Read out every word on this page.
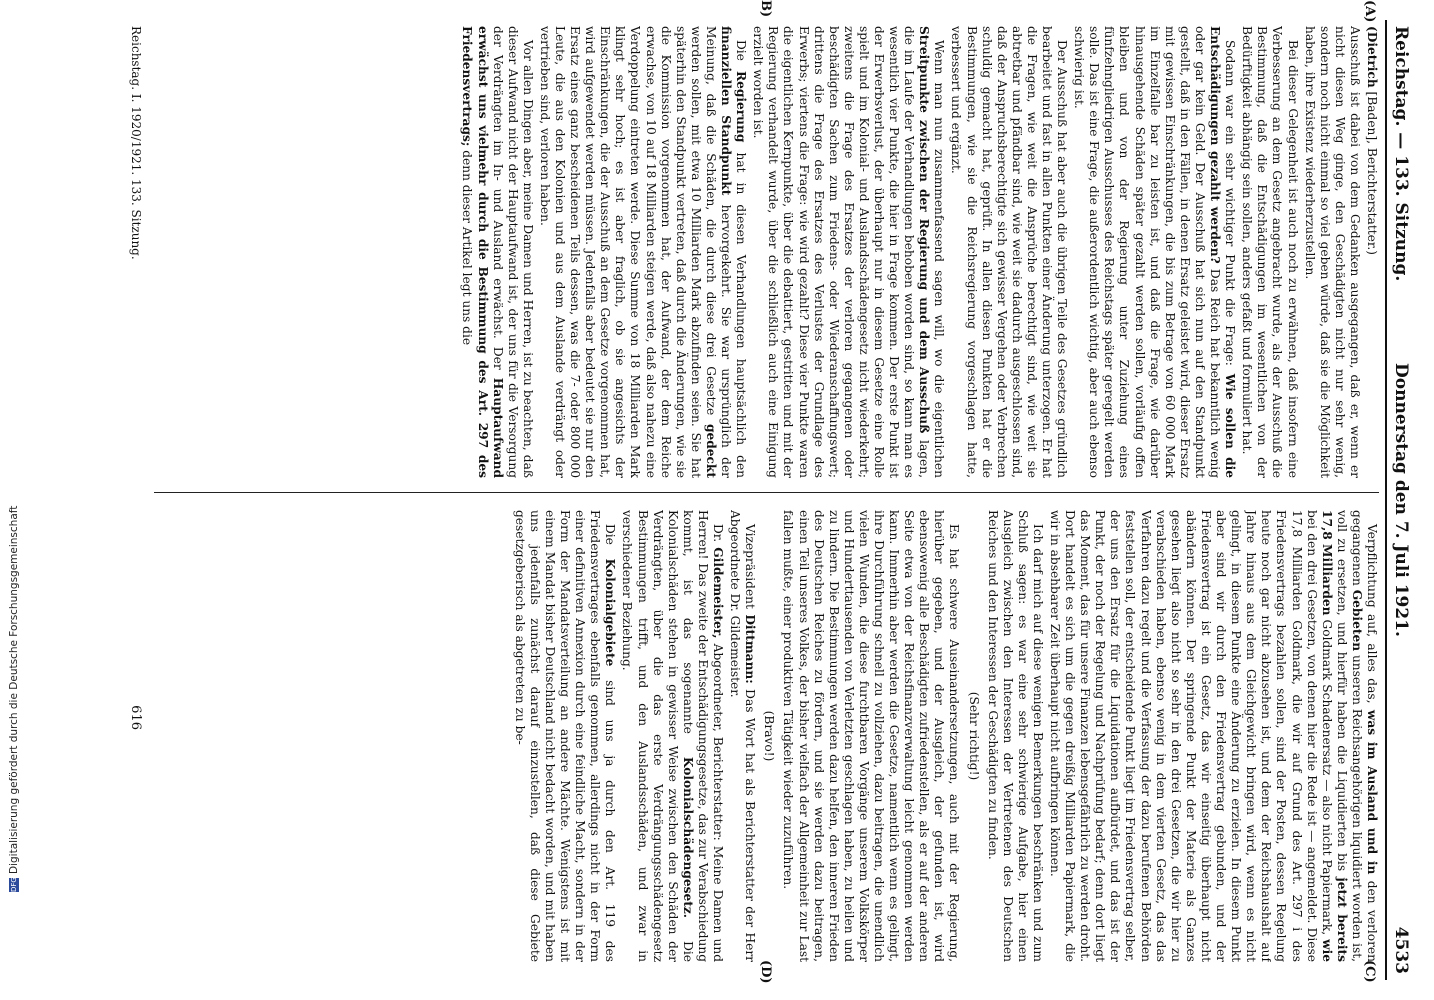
DFGDigitalisierung gefördert durch die Deutsche Forschungsgemeinschaft
Reichstag. — 133. Sitzung.
Donnerstag den 7. Juli 1921.
4533
(A)
B)
(C)
(D)

(Dietrich [Baden], Berichterstatter.)

Ausschuß ist dabei von dem Gedanken ausgegangen, daß er, wenn er nicht diesen Weg ginge, den Geschädigten nicht nur sehr wenig, sondern noch nicht einmal so viel geben würde, daß sie die Möglichkeit haben, ihre Existenz wiederherzustellen.

Bei dieser Gelegenheit ist auch noch zu erwähnen, daß insofern eine Verbesserung an dem Gesetz angebracht wurde, als der Ausschuß die Bestimmung, daß die Entschädigungen im wesentlichen von der Bedürftigkeit abhängig sein sollen, anders gefaßt und formuliert hat.

Sodann war ein sehr wichtiger Punkt die Frage: Wie sollen die Entschädigungen gezahlt werden? Das Reich hat bekanntlich wenig oder gar kein Geld. Der Ausschuß hat sich nun auf den Standpunkt gestellt, daß in den Fällen, in denen Ersatz geleistet wird, dieser Ersatz mit gewissen Einschränkungen, die bis zum Betrage von 60 000 Mark im Einzelfalle bar zu leisten ist, und daß die Frage, wie darüber hinausgehende Schäden später gezahlt werden sollen, vorläufig offen bleiben und von der Regierung unter Zuziehung eines fünfzehngliedrigen Ausschusses des Reichstags später geregelt werden solle. Das ist eine Frage, die außerordentlich wichtig, aber auch ebenso schwierig ist.

Der Ausschuß hat aber auch die übrigen Teile des Gesetzes gründlich bearbeitet und fast in allen Punkten einer Änderung unterzogen. Er hat die Fragen, wie weit die Ansprüche berechtigt sind, wie weit sie abtretbar und pfändbar sind, wie weit sie dadurch ausgeschlossen sind, daß der Anspruchsberechtigte sich gewisser Vergehen oder Verbrechen schuldig gemacht hat, geprüft. In allen diesen Punkten hat er die Bestimmungen, wie sie die Reichsregierung vorgeschlagen hatte, verbessert und ergänzt.

Wenn man nun zusammenfassend sagen will, wo die eigentlichen Streitpunkte zwischen der Regierung und dem Ausschuß lagen, die im Laufe der Verhandlungen behoben worden sind, so kann man es wesentlich vier Punkte, die hier in Frage kommen. Der erste Punkt ist der Erwerbsverlust, der überhaupt nur in diesem Gesetze eine Rolle spielt und im Kolonial- und Auslandsschädengesetz nicht wiederkehrt; zweitens die Frage des Ersatzes der verloren gegangenen oder beschädigten Sachen zum Friedens- oder Wiederanschaffungswert; drittens die Frage des Ersatzes des Verlustes der Grundlage des Erwerbs; viertens die Frage: wie wird gezahlt? Diese vier Punkte waren die eigentlichen Kernpunkte, über die debattiert, gestritten und mit der Regierung verhandelt wurde, über die schließlich auch eine Einigung erzielt worden ist.

Die Regierung hat in diesen Verhandlungen hauptsächlich den finanziellen Standpunkt hervorgekehrt. Sie war ursprünglich der Meinung, daß die Schäden, die durch diese drei Gesetze gedeckt werden sollen, mit etwa 10 Milliarden Mark abzufinden seien. Sie hat späterhin den Standpunkt vertreten, daß durch die Änderungen, wie sie die Kommission vorgenommen hat, der Aufwand, der dem Reiche erwachse, von 10 auf 18 Milliarden steigen werde, daß also nahezu eine Verdoppelung eintreten werde. Diese Summe von 18 Milliarden Mark klingt sehr hoch; es ist aber fraglich, ob sie angesichts der Einschränkungen, die der Ausschuß an dem Gesetze vorgenommen hat, wird aufgewendet werden müssen. Jedenfalls aber bedeutet sie nur den Ersatz eines ganz bescheidenen Teils dessen, was die 7- oder 800 000 Leute, die aus den Kolonien und aus dem Auslande verdrängt oder vertrieben sind, verloren haben.

Vor allen Dingen aber, meine Damen und Herren, ist zu beachten, daß dieser Aufwand nicht der Hauptaufwand ist, der uns für die Versorgung der Verdrängten im In- und Ausland erwächst. Der Hauptaufwand erwächst uns vielmehr durch die Bestimmung des Art. 297 des Friedensvertrags; denn dieser Artikel legt uns die

Verpflichtung auf, alles das, was im Ausland und in den verloren gegangenen Gebieten unseren Reichsangehörigen liquidiert worden ist, voll zu ersetzen, und hierfür haben die Liquidierten bis jetzt bereits 17,8 Milliarden Goldmark Schadenersatz — also nicht Papiermark, wie bei den drei Gesetzen, von denen hier die Rede ist — angemeldet. Diese 17,8 Milliarden Goldmark, die wir auf Grund des Art. 297 i des Friedensvertrags bezahlen sollen, sind der Posten, dessen Regelung heute noch gar nicht abzusehen ist, und dem der Reichshaushalt auf Jahre hinaus aus dem Gleichgewicht bringen wird, wenn es nicht gelingt, in diesem Punkte eine Änderung zu erzielen. In diesem Punkt aber sind wir durch den Friedensvertrag gebunden, und der Friedensvertrag ist ein Gesetz, das wir einseitig überhaupt nicht abändern können. Der springende Punkt der Materie als Ganzes gesehen liegt also nicht so sehr in den drei Gesetzen, die wir hier zu verabschieden haben, ebenso wenig in dem vierten Gesetz, das das Verfahren dazu regelt und die Verfassung der dazu berufenen Behörden feststellen soll, der entscheidende Punkt liegt im Friedensvertrag selber, der uns den Ersatz für die Liquidationen aufbürdet, und das ist der Punkt, der noch der Regelung und Nachprüfung bedarf; denn dort liegt das Moment, das für unsere Finanzen lebensgefährlich zu werden droht. Dort handelt es sich um die gegen dreißig Milliarden Papiermark, die wir in absehbarer Zeit überhaupt nicht aufbringen können.

Ich darf mich auf diese wenigen Bemerkungen beschränken und zum Schluß sagen: es war eine sehr schwierige Aufgabe, hier einen Ausgleich zwischen den Interessen der Vertretenen des Deutschen Reiches und den Interessen der Geschädigten zu finden.

(Sehr richtig!)

Es hat schwere Auseinandersetzungen, auch mit der Regierung, hierüber gegeben, und der Ausgleich, der gefunden ist, wird ebensowenig alle Beschädigten zufriedenstellen, als er auf der anderen Seite etwa von der Reichsfinanzverwaltung leicht genommen werden kann. Immerhin aber werden die Gesetze, namentlich wenn es gelingt, ihre Durchführung schnell zu vollziehen, dazu beitragen, die unendlich vielen Wunden, die diese furchtbaren Vorgänge unserem Volkskörper und Hunderttausenden von Verletzten geschlagen haben, zu heilen und zu lindern. Die Bestimmungen werden dazu helfen, den inneren Frieden des Deutschen Reiches zu fördern, und sie werden dazu beitragen, einen Teil unseres Volkes, der bisher vielfach der Allgemeinheit zur Last fallen mußte, einer produktiven Tätigkeit wieder zuzuführen.

(Bravo!)

Vizepräsident Dittmann: Das Wort hat als Berichterstatter der Herr Abgeordnete Dr. Gildemeister.

Dr. Gildemeister, Abgeordneter, Berichterstatter: Meine Damen und Herren! Das zweite der Entschädigungsgesetze, das zur Verabschiedung kommt, ist das sogenannte Kolonialschädengesetz. Die Kolonialschäden stehen in gewisser Weise zwischen den Schäden der Verdrängten, über die das erste Verdrängungsschädengesetz Bestimmungen trifft, und den Auslandsschäden, und zwar in verschiedener Beziehung.

Die Kolonialgebiete sind uns ja durch den Art. 119 des Friedensvertrages ebenfalls genommen, allerdings nicht in der Form einer definitiven Annexion durch eine feindliche Macht, sondern in der Form der Mandatsverteilung an andere Mächte. Wenigstens ist mit einem Mandat bisher Deutschland nicht bedacht worden, und mit haben uns jedenfalls zunächst darauf einzustellen, daß diese Gebiete gesetzgeberisch als abgetreten zu be-

Reichstag. I. 1920/1921. 133. Sitzung.
616
